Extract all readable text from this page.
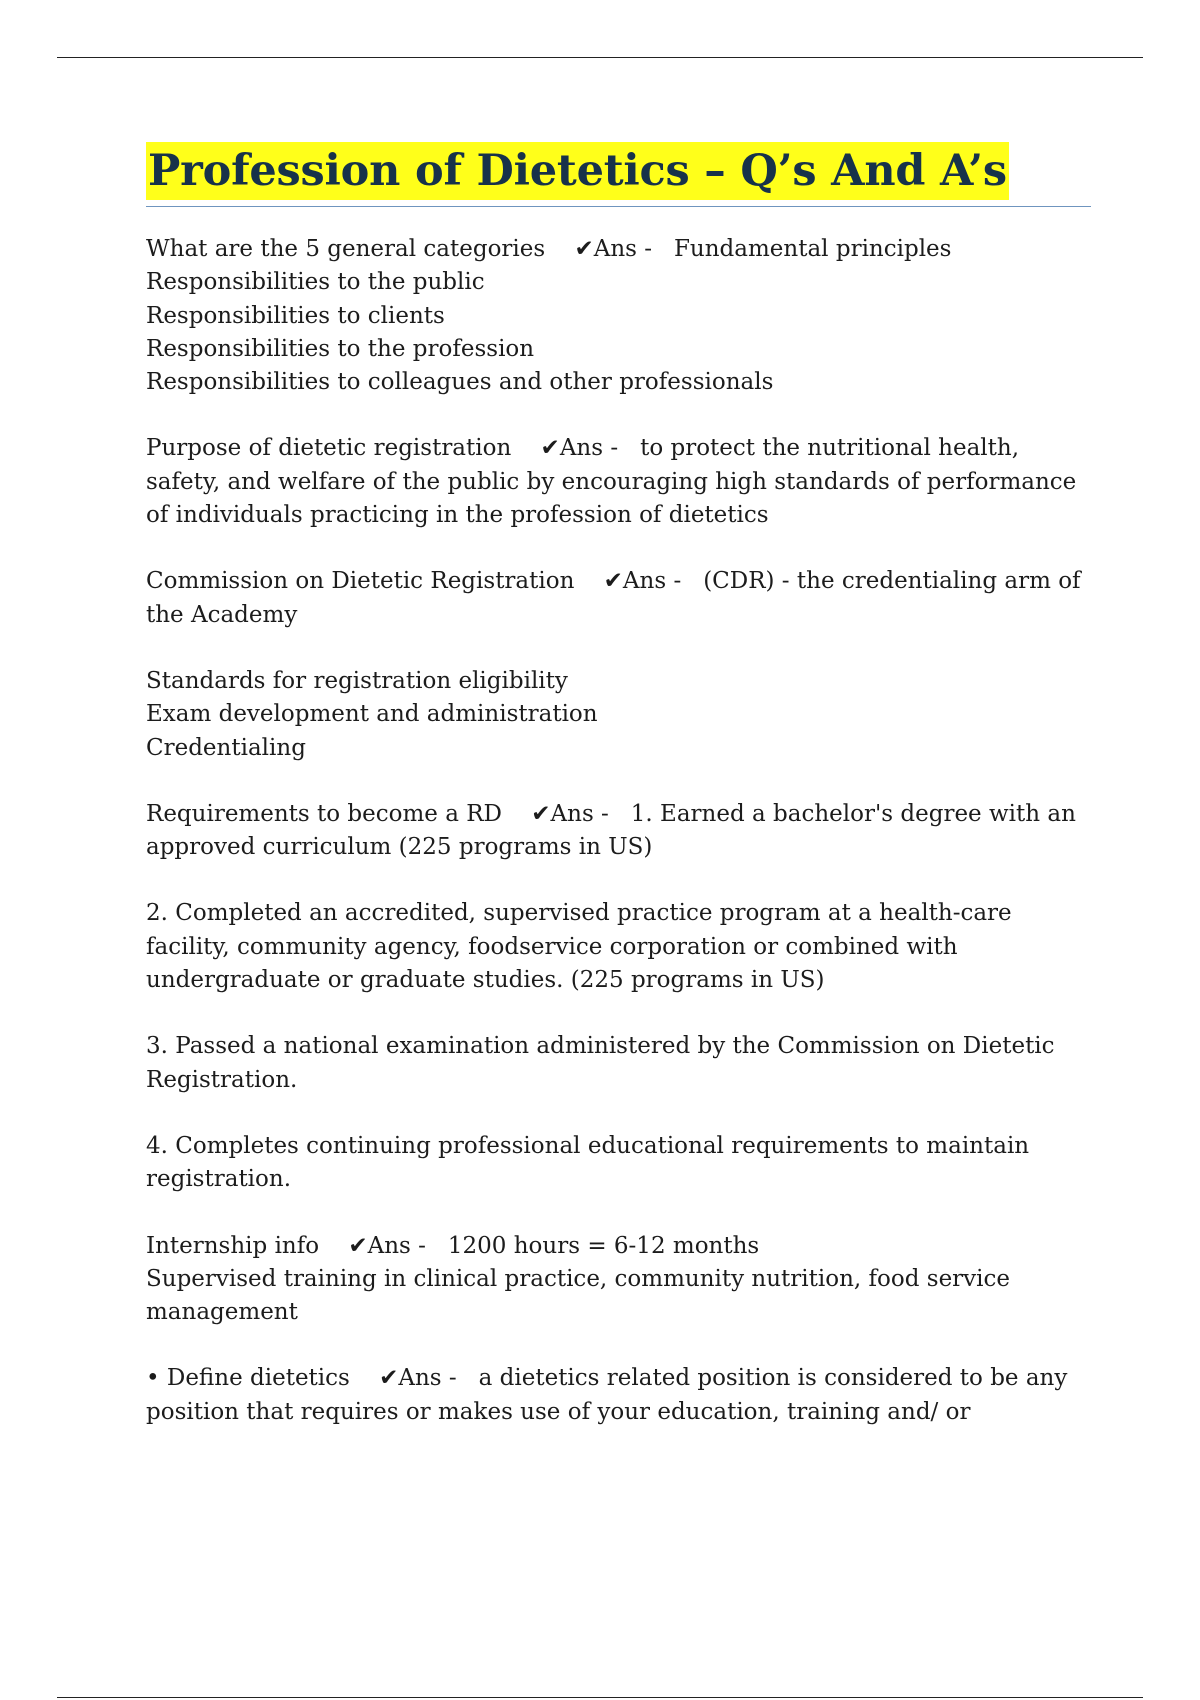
Profession of Dietetics – Q’s And A’s

What are the 5 general categories ✔Ans - Fundamental principles
Responsibilities to the public
Responsibilities to clients
Responsibilities to the profession
Responsibilities to colleagues and other professionals

Purpose of dietetic registration ✔Ans - to protect the nutritional health, safety, and welfare of the public by encouraging high standards of performance of individuals practicing in the profession of dietetics

Commission on Dietetic Registration ✔Ans - (CDR) - the credentialing arm of the Academy

Standards for registration eligibility
Exam development and administration
Credentialing

Requirements to become a RD ✔Ans - 1. Earned a bachelor's degree with an approved curriculum (225 programs in US)

2. Completed an accredited, supervised practice program at a health-care facility, community agency, foodservice corporation or combined with undergraduate or graduate studies. (225 programs in US)

3. Passed a national examination administered by the Commission on Dietetic Registration.

4. Completes continuing professional educational requirements to maintain registration.

Internship info ✔Ans - 1200 hours = 6-12 months
Supervised training in clinical practice, community nutrition, food service management

• Define dietetics ✔Ans - a dietetics related position is considered to be any position that requires or makes use of your education, training and/ or
